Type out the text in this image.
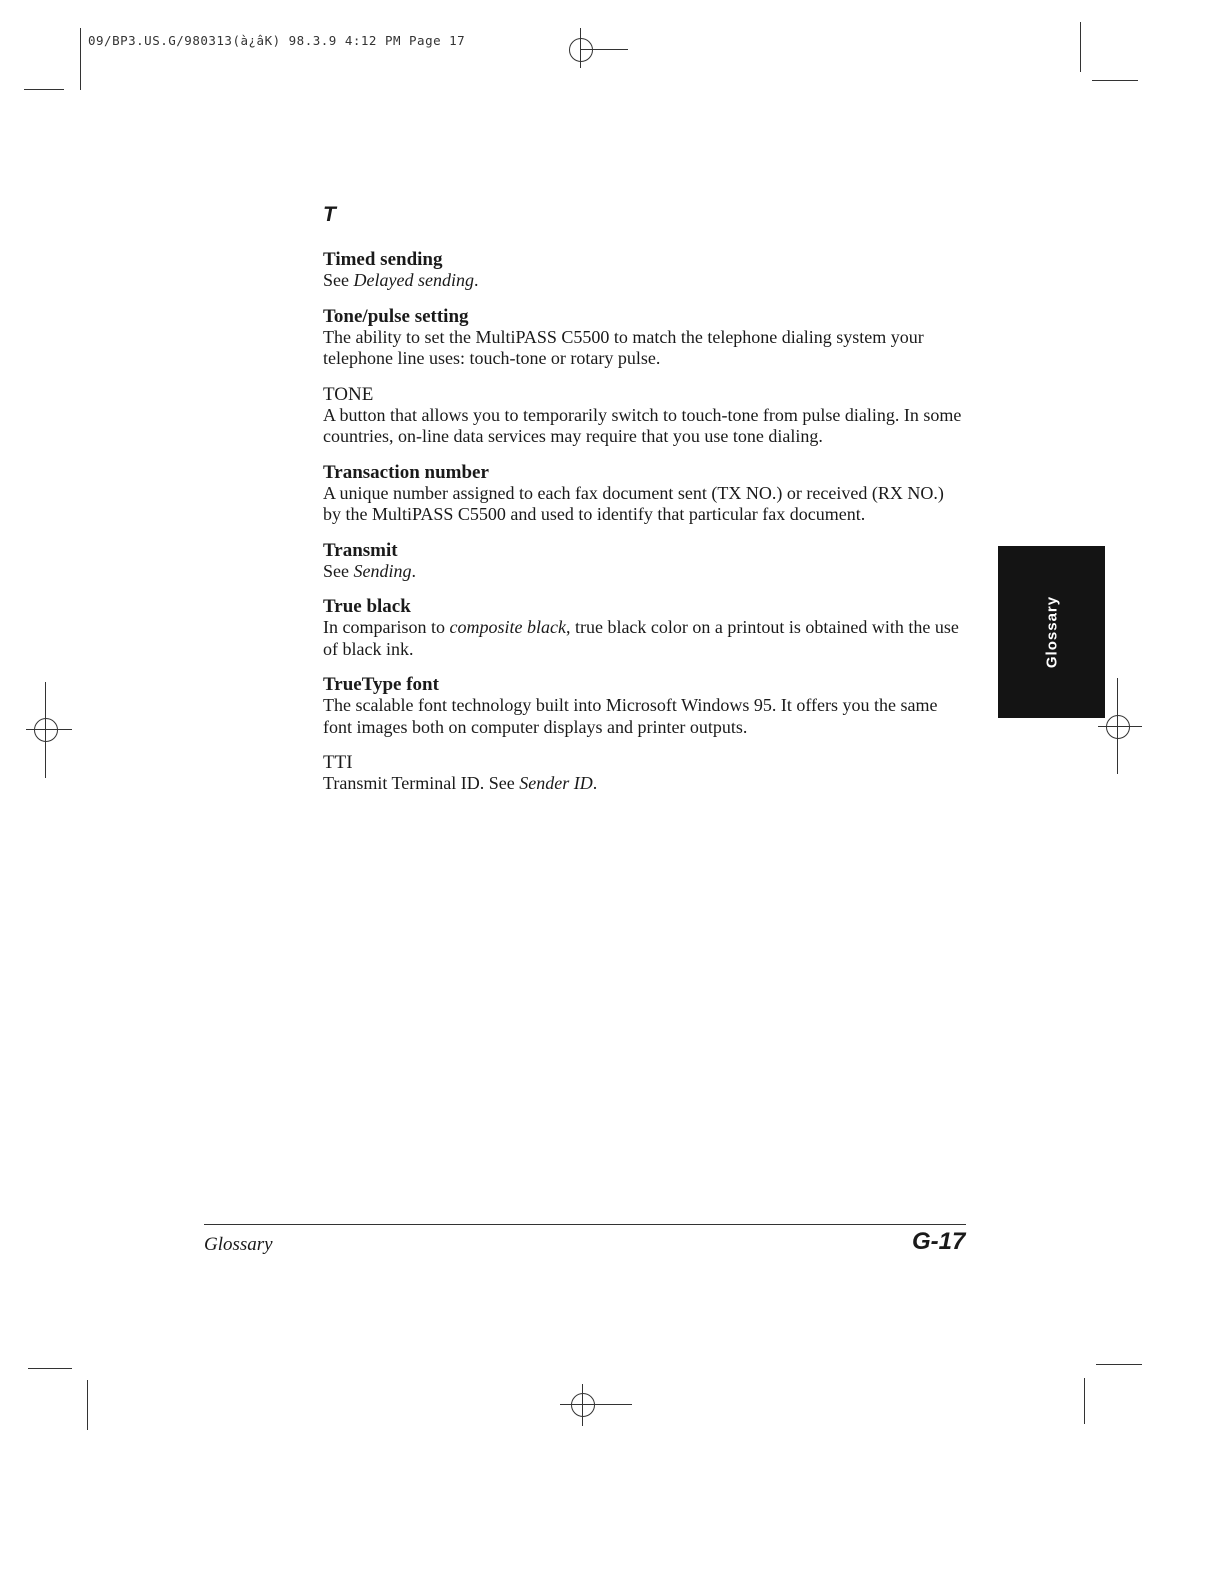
09/BP3.US.G/980313(à¿âK) 98.3.9 4:12 PM Page 17
T
Timed sending
See Delayed sending.
Tone/pulse setting
The ability to set the MultiPASS C5500 to match the telephone dialing system your telephone line uses: touch-tone or rotary pulse.
TONE
A button that allows you to temporarily switch to touch-tone from pulse dialing. In some countries, on-line data services may require that you use tone dialing.
Transaction number
A unique number assigned to each fax document sent (TX NO.) or received (RX NO.) by the MultiPASS C5500 and used to identify that particular fax document.
Transmit
See Sending.
True black
In comparison to composite black, true black color on a printout is obtained with the use of black ink.
TrueType font
The scalable font technology built into Microsoft Windows 95. It offers you the same font images both on computer displays and printer outputs.
TTI
Transmit Terminal ID. See Sender ID.
Glossary
Glossary	G-17
